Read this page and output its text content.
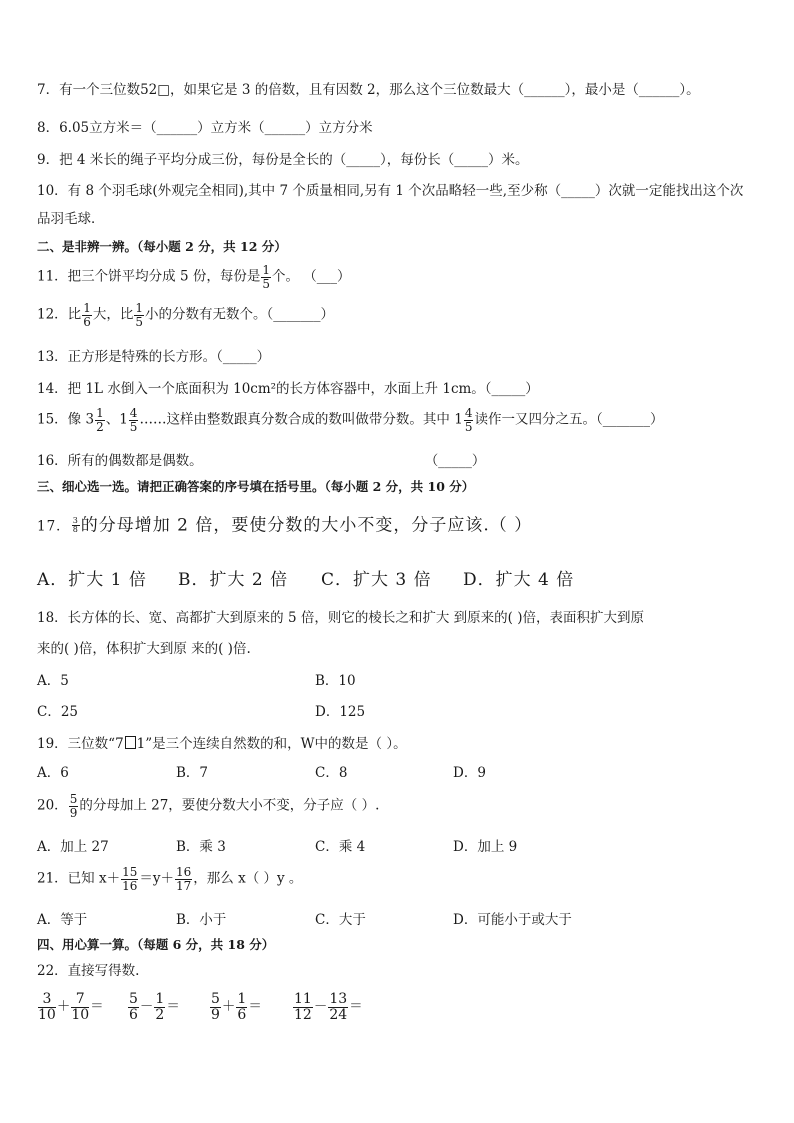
7．有一个三位数52□，如果它是 3 的倍数，且有因数 2，那么这个三位数最大（______），最小是（______）。
8．6.05立方米＝（______）立方米（______）立方分米
9．把 4 米长的绳子平均分成三份，每份是全长的（_____），每份长（_____）米。
10．有 8 个羽毛球(外观完全相同),其中 7 个质量相同,另有 1 个次品略轻一些,至少称（_____）次就一定能找出这个次
品羽毛球．
二、是非辨一辨。（每小题 2 分，共 12 分）
11．把三个饼平均分成 5 份，每份是 $\frac{1}{5}$ 个。 （___）
12．比 $\frac{1}{6}$ 大，比 $\frac{1}{5}$ 小的分数有无数个。（_______）
13．正方形是特殊的长方形。（_____）
14．把 1L 水倒入一个底面积为 10cm²的长方体容器中，水面上升 1cm。（_____）
15．像 $3 \frac{1}{2}$ 、$1 \frac{4}{5}$ ……这样由整数跟真分数合成的数叫做带分数。其中 $1 \frac{4}{5}$ 读作一又四分之五。（_______）
16．所有的偶数都是偶数。	（_____）
三、细心选一选。请把正确答案的序号填在括号里。（每小题 2 分，共 10 分）
17． $\frac{3}{8}$ 的分母增加 2 倍，要使分数的大小不变，分子应该.（ ）
A．扩大 1 倍 B．扩大 2 倍 C．扩大 3 倍 D．扩大 4 倍
18．长方体的长、宽、高都扩大到原来的 5 倍，则它的棱长之和扩大 到原来的( )倍，表面积扩大到原
来的( )倍，体积扩大到原 来的( )倍.
A．5	B．10
C．25	D．125
19．三位数“7 1”是三个连续自然数的和，W中的数是（ ）。
A．6	B．7	C．8	D．9
20． $\frac{5}{9}$ 的分母加上 27，要使分数大小不变，分子应（ ）.
A．加上 27	B．乘 3	C．乘 4	D．加上 9
21．已知 $x+ \frac{15}{16} =y+ \frac{16}{17}$ ，那么 x（ ）y 。
A．等于	B．小于	C．大于	D．可能小于或大于
四、用心算一算。（每题 6 分，共 18 分）
22．直接写得数.
$\frac{3}{10} + \frac{7}{10} = \frac{5}{6} - \frac{1}{2} = \frac{5}{9} + \frac{1}{6} = \frac{11}{12} - \frac{13}{24}$ ＝
